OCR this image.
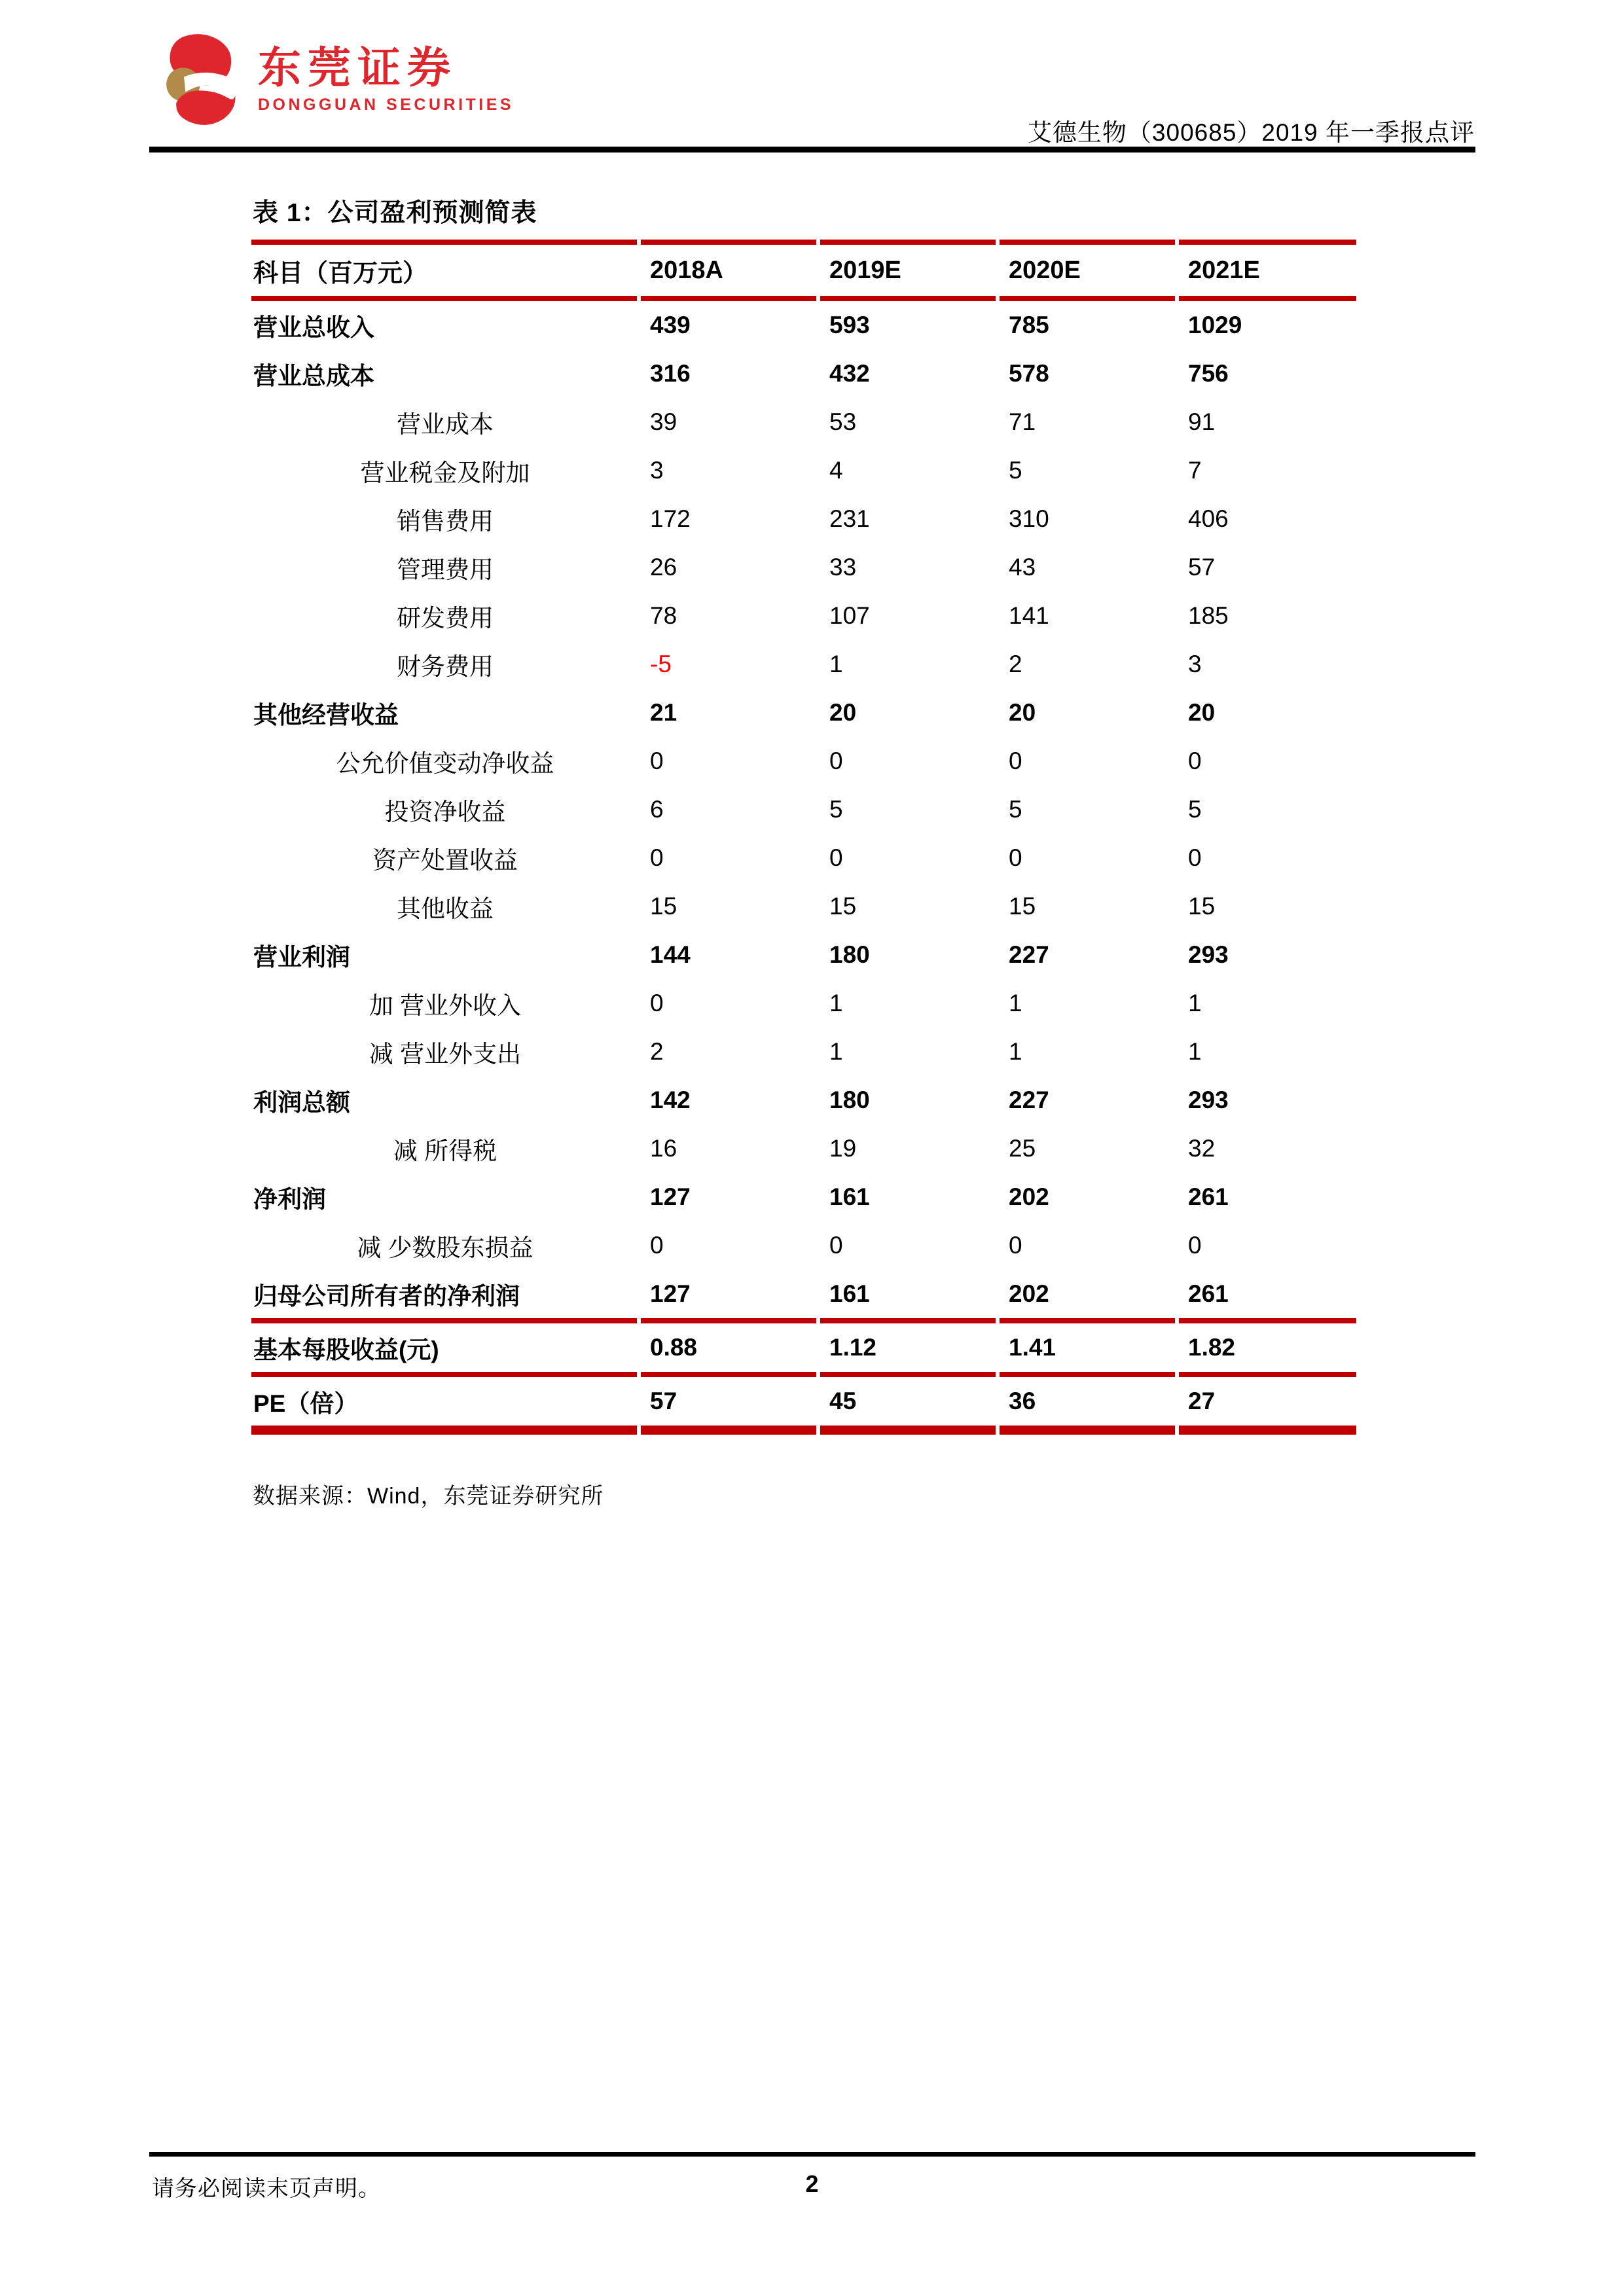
东莞证券
DONGGUAN SECURITIES
艾德生物（300685）2019 年一季报点评
表 1：公司盈利预测简表
科目（百万元）	2018A	2019E	2020E	2021E
营业总收入	439	593	785	1029
营业总成本	316	432	578	756
营业成本	39	53	71	91
营业税金及附加	3	4	5	7
销售费用	172	231	310	406
管理费用	26	33	43	57
研发费用	78	107	141	185
财务费用	-5	1	2	3
其他经营收益	21	20	20	20
公允价值变动净收益	0	0	0	0
投资净收益	6	5	5	5
资产处置收益	0	0	0	0
其他收益	15	15	15	15
营业利润	144	180	227	293
加 营业外收入	0	1	1	1
减 营业外支出	2	1	1	1
利润总额	142	180	227	293
减 所得税	16	19	25	32
净利润	127	161	202	261
减 少数股东损益	0	0	0	0
归母公司所有者的净利润	127	161	202	261
基本每股收益(元)	0.88	1.12	1.41	1.82
PE（倍）	57	45	36	27
数据来源：Wind，东莞证券研究所
请务必阅读末页声明。	2
